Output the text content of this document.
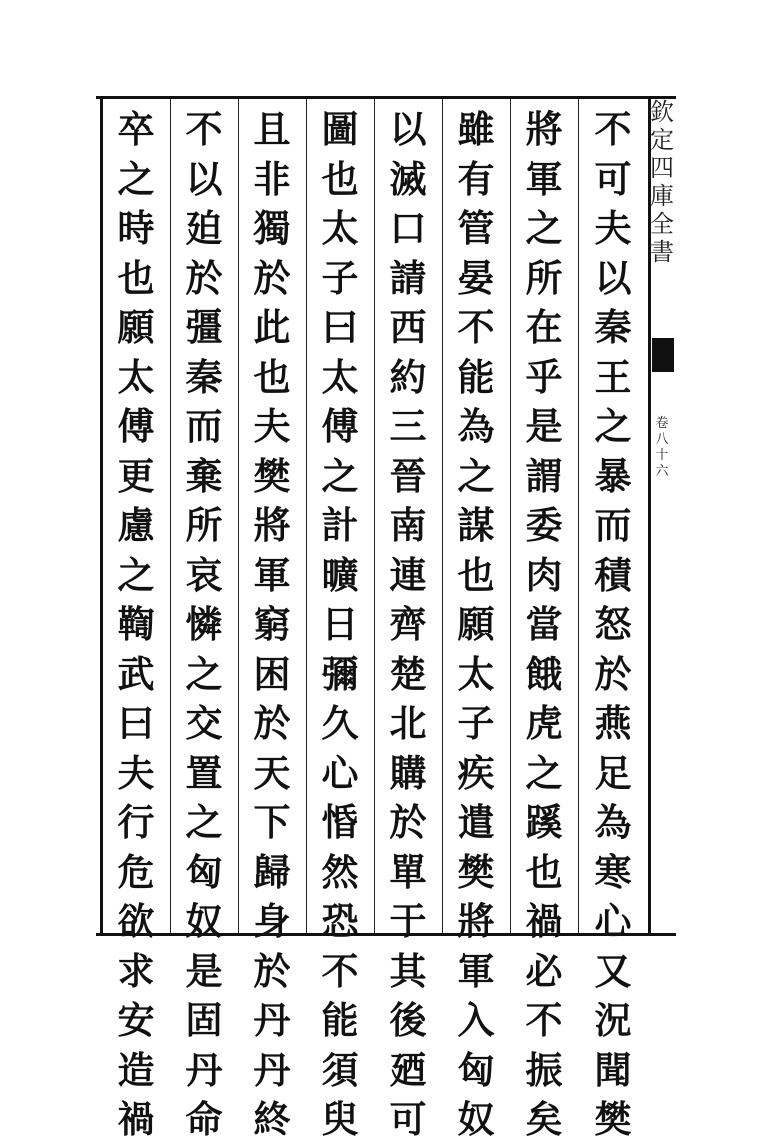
不
可
夫
以
秦
王
之
暴
而
積
怒
於
燕
足
為
寒
心
又
況
聞
樊
將
軍
之
所
在
乎
是
謂
委
肉
當
餓
虎
之
蹊
也
禍
必
不
振
矣
雖
有
管
晏
不
能
為
之
謀
也
願
太
子
疾
遣
樊
將
軍
入
匈
奴
以
滅
口
請
西
約
三
晉
南
連
齊
楚
北
購
於
單
于
其
後
廼
可
圖
也
太
子
曰
太
傅
之
計
曠
日
彌
久
心
惛
然
恐
不
能
須
臾
且
非
獨
於
此
也
夫
樊
將
軍
窮
困
於
天
下
歸
身
於
丹
丹
終
不
以
廹
於
彊
秦
而
棄
所
哀
憐
之
交
置
之
匈
奴
是
固
丹
命
卒
之
時
也
願
太
傅
更
慮
之
鞫
武
曰
夫
行
危
欲
求
安
造
禍
欽
定
四
庫
全
書
卷
八
十
六
